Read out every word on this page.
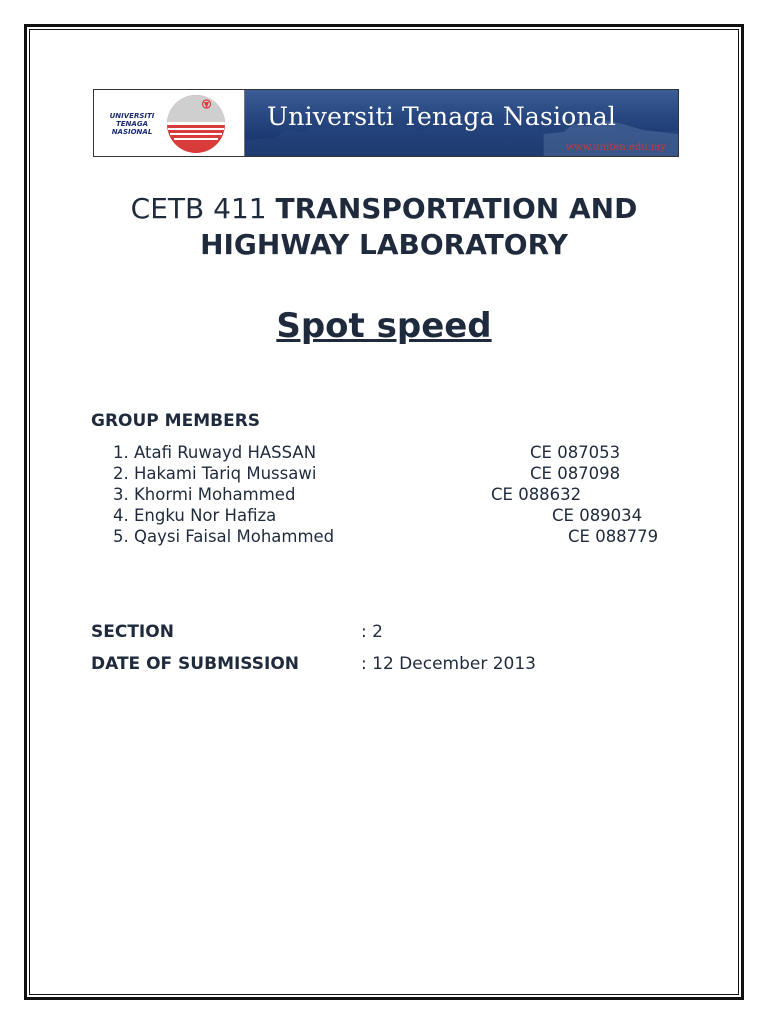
UNIVERSITI
TENAGA
NASIONAL
Universiti Tenaga Nasional
www.uniten.edu.my
CETB 411 TRANSPORTATION AND
HIGHWAY LABORATORY
Spot speed
GROUP MEMBERS
1. Atafi Ruwayd HASSAN	CE 087053
2. Hakami Tariq Mussawi	CE 087098
3. Khormi Mohammed	CE 088632
4. Engku Nor Hafiza	CE 089034
5. Qaysi Faisal Mohammed	CE 088779
SECTION	: 2
DATE OF SUBMISSION	: 12 December 2013
